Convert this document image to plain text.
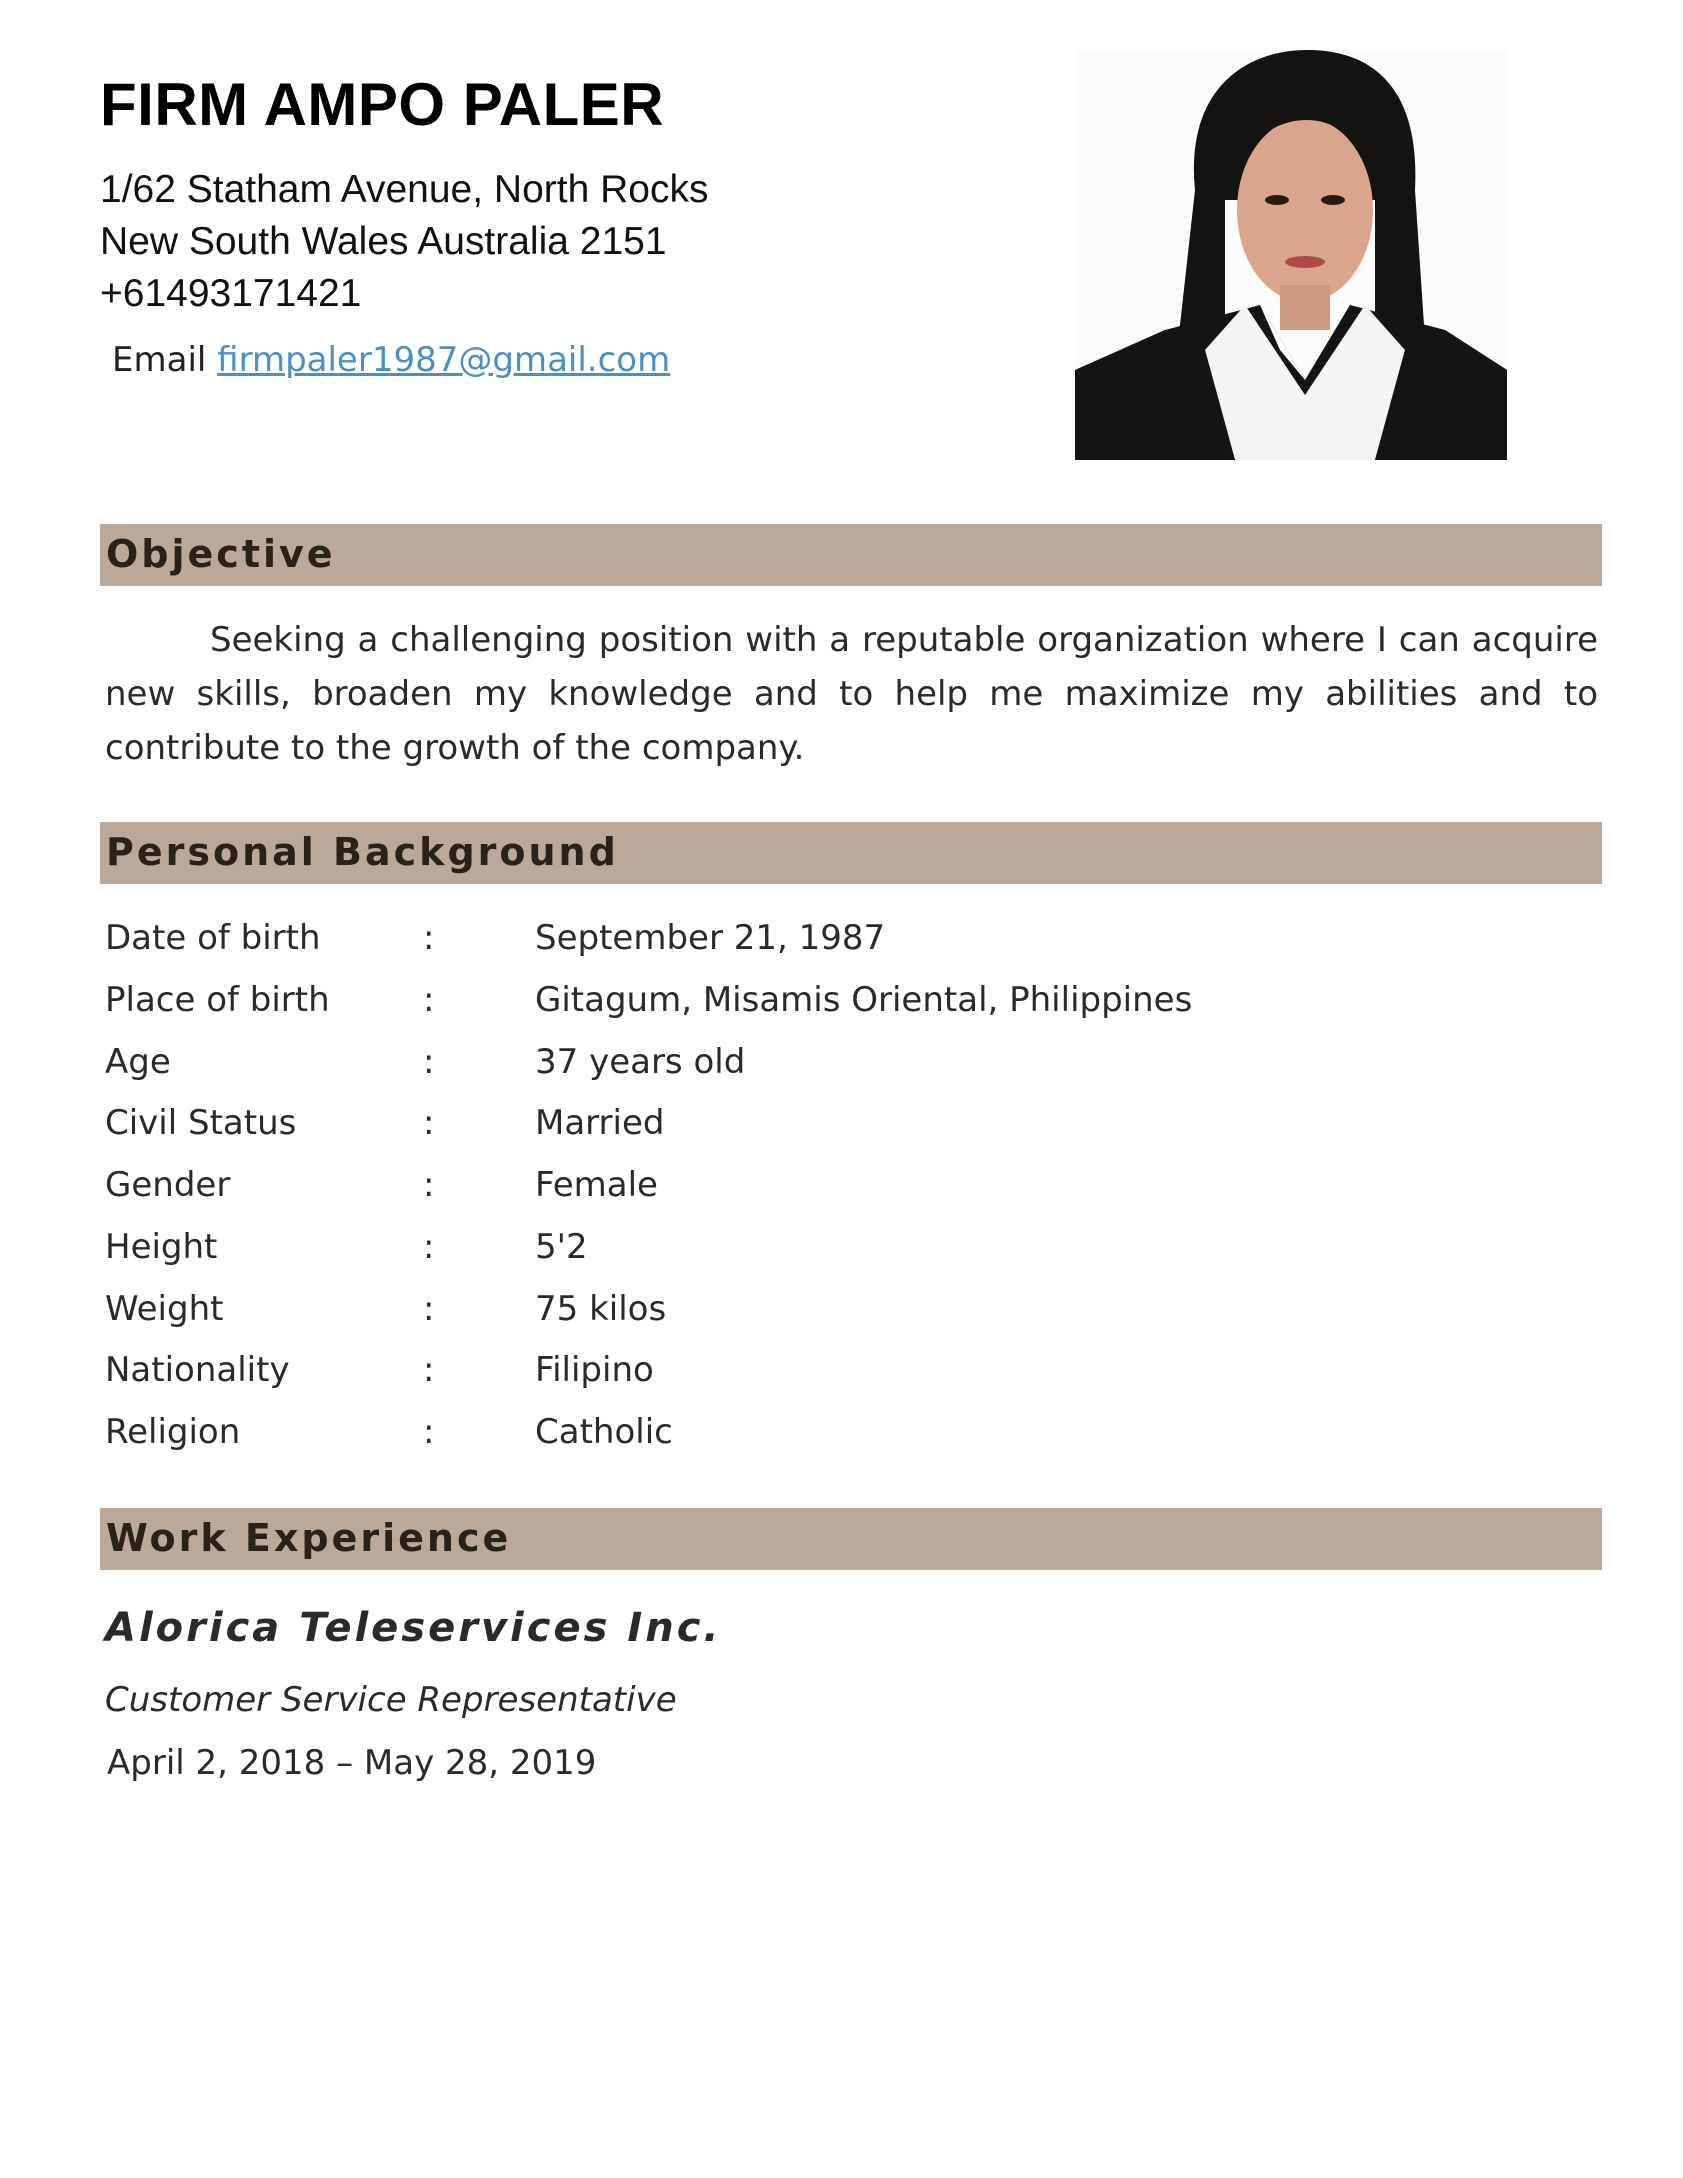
FIRM AMPO PALER
1/62 Statham Avenue, North Rocks
New South Wales Australia 2151
+61493171421
Email firmpaler1987@gmail.com
Objective

Seeking a challenging position with a reputable organization where I can acquire new skills, broaden my knowledge and to help me maximize my abilities and to contribute to the growth of the company.

Personal Background
Date of birth	:	September 21, 1987
Place of birth	:	Gitagum, Misamis Oriental, Philippines
Age	:	37 years old
Civil Status	:	Married
Gender	:	Female
Height	:	5'2
Weight	:	75 kilos
Nationality	:	Filipino
Religion	:	Catholic
Work Experience
Alorica Teleservices Inc.
Customer Service Representative
April 2, 2018 – May 28, 2019
